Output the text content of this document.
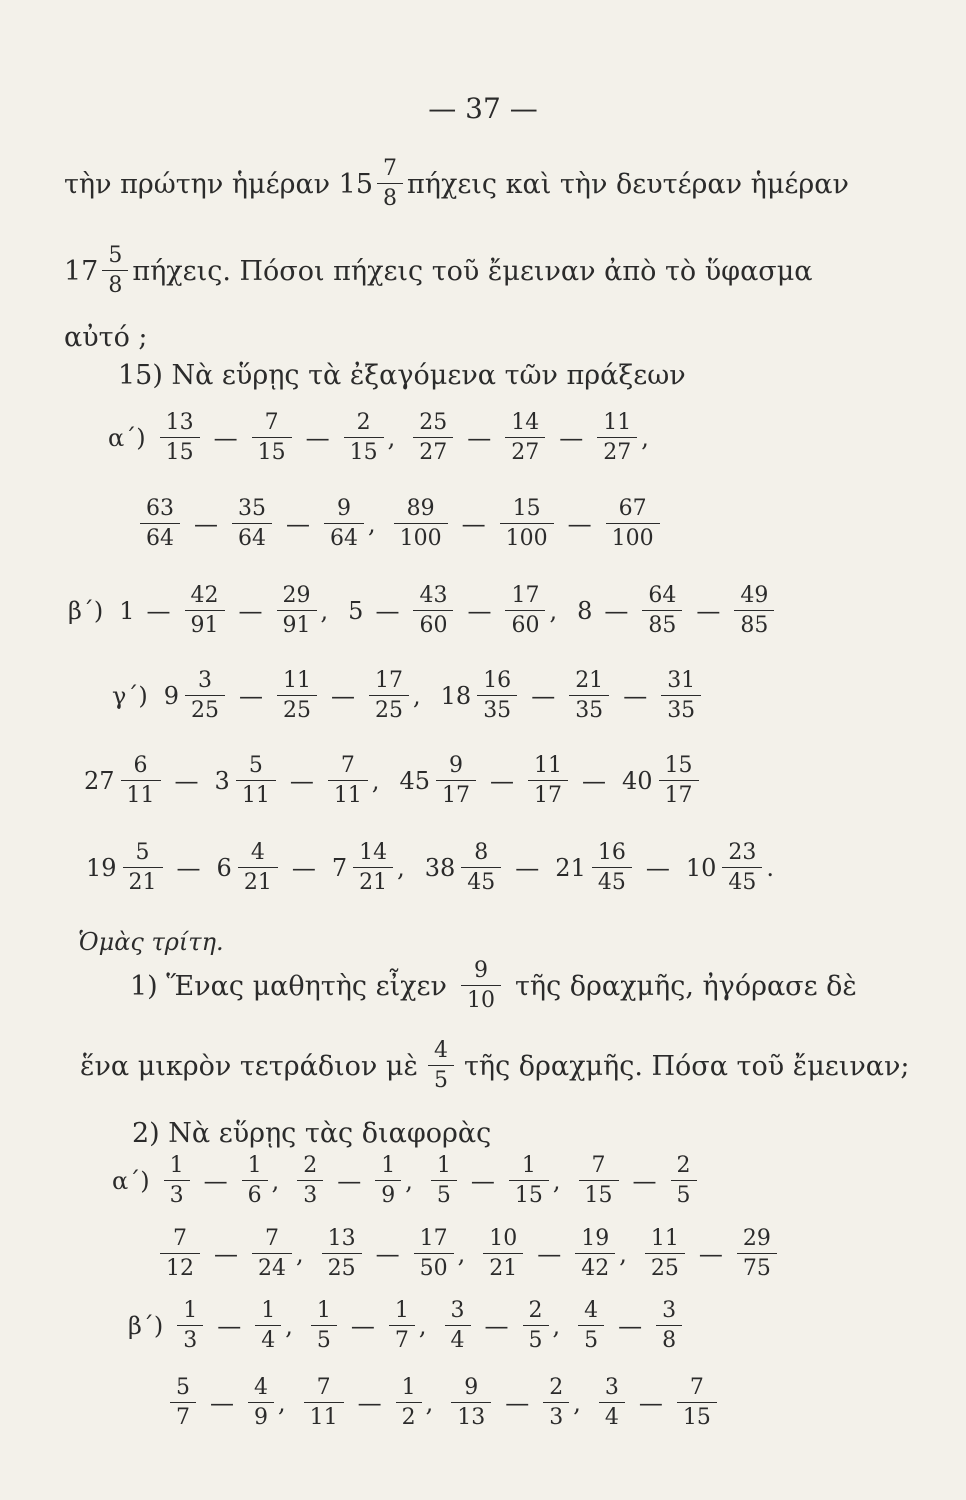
— 37 —
τὴν πρώτην ἡμέραν $15 \frac{7}{8}$ πήχεις καὶ τὴν δευτέραν ἡμέραν
$17 \frac{5}{8} \pi ή\chi\varepsilon\iota\varsigma$. Πόσοι πήχεις τοῦ ἔμειναν ἀπὸ τὸ ὕφασμα
αὐτό ;
15) Νὰ εὕρῃς τὰ ἐξαγόμενα τῶν πράξεων
$\alpha΄) \frac{13}{15}$ — $\frac{7}{15}$ — $\frac{2}{15}$ , $\frac{25}{27}$ — $\frac{14}{27}$ — $\frac{11}{27}$ ,
$\frac{63}{64}$ — $\frac{35}{64}$ — $\frac{9}{64}$ , $\frac{89}{100}$ — $\frac{15}{100}$ — $\frac{67}{100}$
β΄) 1 — $\frac{42}{91}$ — $\frac{29}{91}$ , 5 — $\frac{43}{60}$ — $\frac{17}{60}$ , 8 — $\frac{64}{85}$ — $\frac{49}{85}$
γ΄) $9 \frac{3}{25}$ — $\frac{11}{25}$ — $\frac{17}{25}$ , $18 \frac{16}{35}$ — $\frac{21}{35}$ — $\frac{31}{35}$
$27 \frac{6}{11}$ — $3 \frac{5}{11}$ — $\frac{7}{11}$ , $45 \frac{9}{17}$ — $\frac{11}{17}$ — $40 \frac{15}{17}$
$19 \frac{5}{21}$ — $6 \frac{4}{21}$ — $7 \frac{14}{21}$ , $38 \frac{8}{45}$ — $21 \frac{16}{45}$ — $10 \frac{23}{45}$ .
Ὁμὰς τρίτη.
1) Ἕνας μαθητὴς εἶχεν $\frac{9}{10}$ τῆς δραχμῆς, ἠγόρασε δὲ
ἕνα μικρὸν τετράδιον μὲ $\frac{4}{5}$ τῆς δραχμῆς. Πόσα τοῦ ἔμειναν;
2) Νὰ εὕρῃς τὰς διαφορὰς
$\alpha΄) \frac{1}{3}$ — $\frac{1}{6}$ , $\frac{2}{3}$ — $\frac{1}{9}$ , $\frac{1}{5}$ — $\frac{1}{15}$ , $\frac{7}{15}$ — $\frac{2}{5}$
$\frac{7}{12}$ — $\frac{7}{24}$ , $\frac{13}{25}$ — $\frac{17}{50}$ , $\frac{10}{21}$ — $\frac{19}{42}$ , $\frac{11}{25}$ — $\frac{29}{75}$
$\beta΄) \frac{1}{3}$ — $\frac{1}{4}$ , $\frac{1}{5}$ — $\frac{1}{7}$ , $\frac{3}{4}$ — $\frac{2}{5}$ , $\frac{4}{5}$ — $\frac{3}{8}$
$\frac{5}{7}$ — $\frac{4}{9}$ , $\frac{7}{11}$ — $\frac{1}{2}$ , $\frac{9}{13}$ — $\frac{2}{3}$ , $\frac{3}{4}$ — $\frac{7}{15}$
